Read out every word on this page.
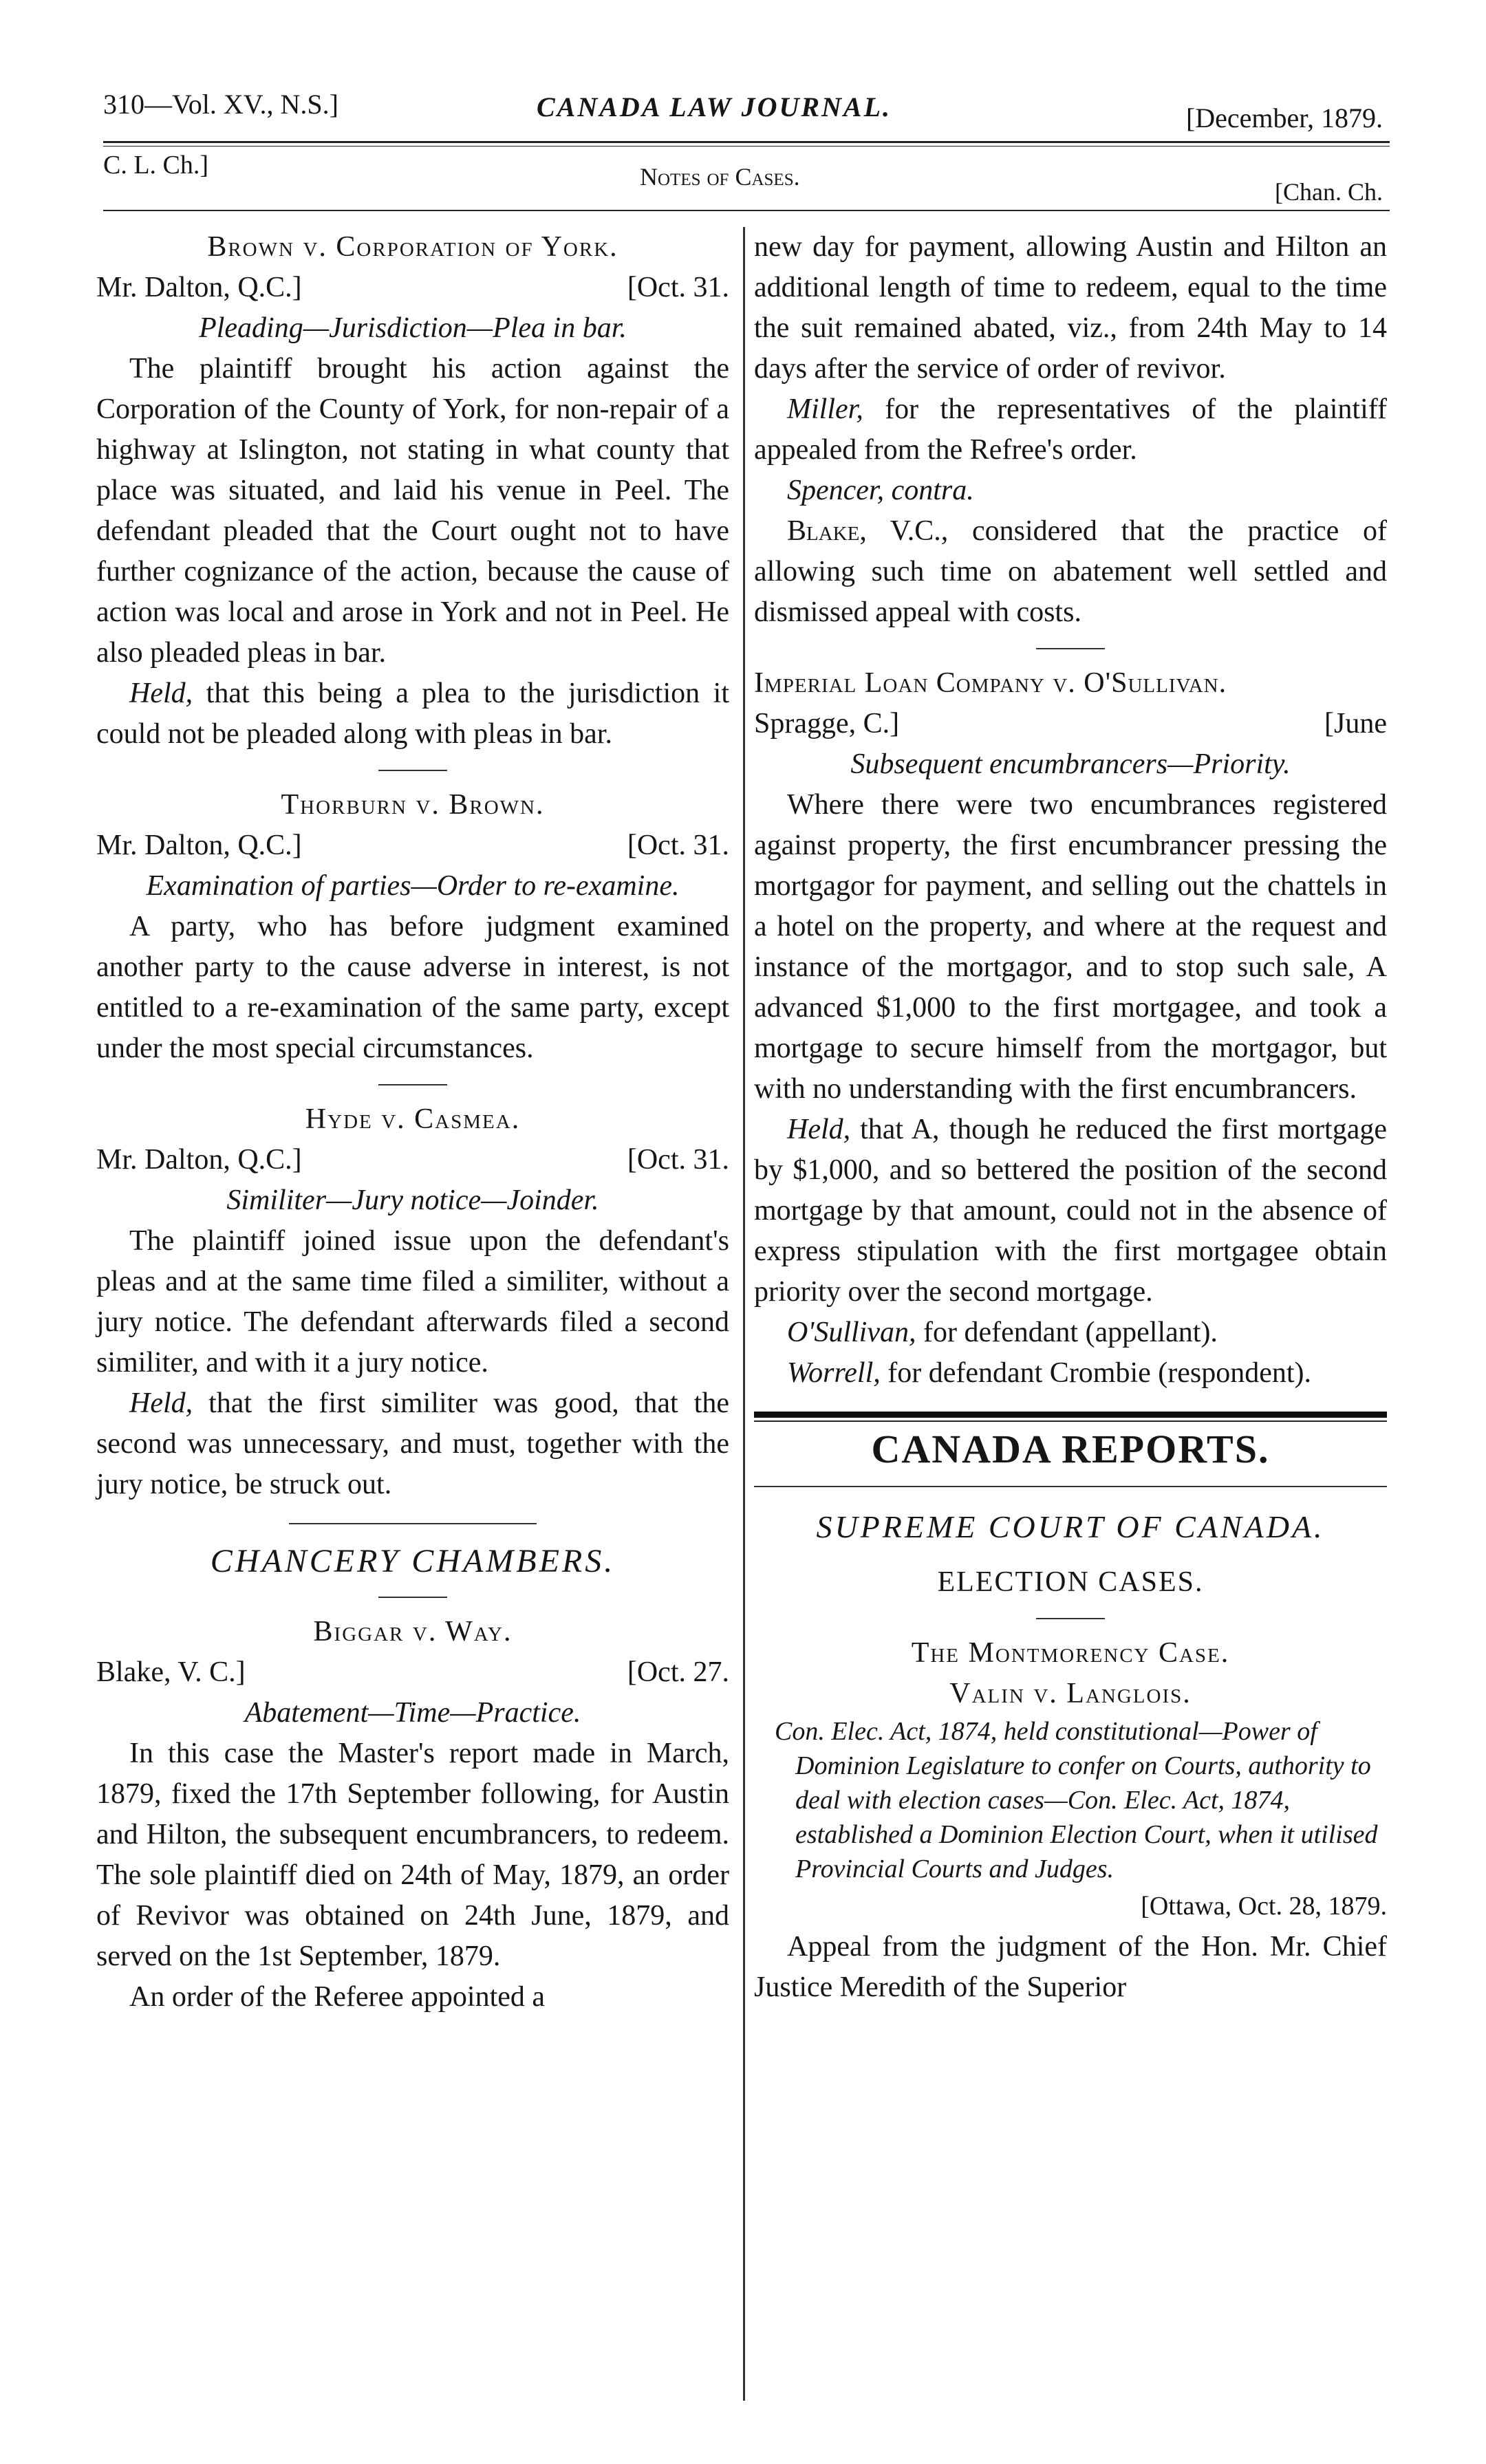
310—Vol. XV., N.S.]	CANADA LAW JOURNAL.	[December, 1879.
C. L. Ch.]	Notes of Cases.
[Chan. Ch.
Brown v. Corporation of York.
Mr. Dalton, Q.C.]	[Oct. 31.
Pleading—Jurisdiction—Plea in bar.

The plaintiff brought his action against the Corporation of the County of York, for non-repair of a highway at Islington, not stating in what county that place was situated, and laid his venue in Peel. The defendant pleaded that the Court ought not to have further cognizance of the action, because the cause of action was local and arose in York and not in Peel. He also pleaded pleas in bar.

Held, that this being a plea to the jurisdiction it could not be pleaded along with pleas in bar.

Thorburn v. Brown.
Mr. Dalton, Q.C.]	[Oct. 31.
Examination of parties—Order to re-examine.

A party, who has before judgment examined another party to the cause adverse in interest, is not entitled to a re-examination of the same party, except under the most special circumstances.

Hyde v. Casmea.
Mr. Dalton, Q.C.]	[Oct. 31.
Similiter—Jury notice—Joinder.

The plaintiff joined issue upon the defendant's pleas and at the same time filed a similiter, without a jury notice. The defendant afterwards filed a second similiter, and with it a jury notice.

Held, that the first similiter was good, that the second was unnecessary, and must, together with the jury notice, be struck out.

CHANCERY CHAMBERS.
Biggar v. Way.
Blake, V. C.]	[Oct. 27.
Abatement—Time—Practice.

In this case the Master's report made in March, 1879, fixed the 17th September following, for Austin and Hilton, the subsequent encumbrancers, to redeem. The sole plaintiff died on 24th of May, 1879, an order of Revivor was obtained on 24th June, 1879, and served on the 1st September, 1879.

An order of the Referee appointed a

new day for payment, allowing Austin and Hilton an additional length of time to redeem, equal to the time the suit remained abated, viz., from 24th May to 14 days after the service of order of revivor.

Miller, for the representatives of the plaintiff appealed from the Refree's order.

Spencer, contra.

Blake, V.C., considered that the practice of allowing such time on abatement well settled and dismissed appeal with costs.

Imperial Loan Company v. O'Sullivan.
Spragge, C.]	[June
Subsequent encumbrancers—Priority.

Where there were two encumbrances registered against property, the first encumbrancer pressing the mortgagor for payment, and selling out the chattels in a hotel on the property, and where at the request and instance of the mortgagor, and to stop such sale, A advanced $1,000 to the first mortgagee, and took a mortgage to secure himself from the mortgagor, but with no understanding with the first encumbrancers.

Held, that A, though he reduced the first mortgage by $1,000, and so bettered the position of the second mortgage by that amount, could not in the absence of express stipulation with the first mortgagee obtain priority over the second mortgage.

O'Sullivan, for defendant (appellant).

Worrell, for defendant Crombie (respondent).

CANADA REPORTS.
SUPREME COURT OF CANADA.
ELECTION CASES.
The Montmorency Case.
Valin v. Langlois.
Con. Elec. Act, 1874, held constitutional—Power of Dominion Legislature to confer on Courts, authority to deal with election cases—Con. Elec. Act, 1874, established a Dominion Election Court, when it utilised Provincial Courts and Judges.
[Ottawa, Oct. 28, 1879.

Appeal from the judgment of the Hon. Mr. Chief Justice Meredith of the Superior
